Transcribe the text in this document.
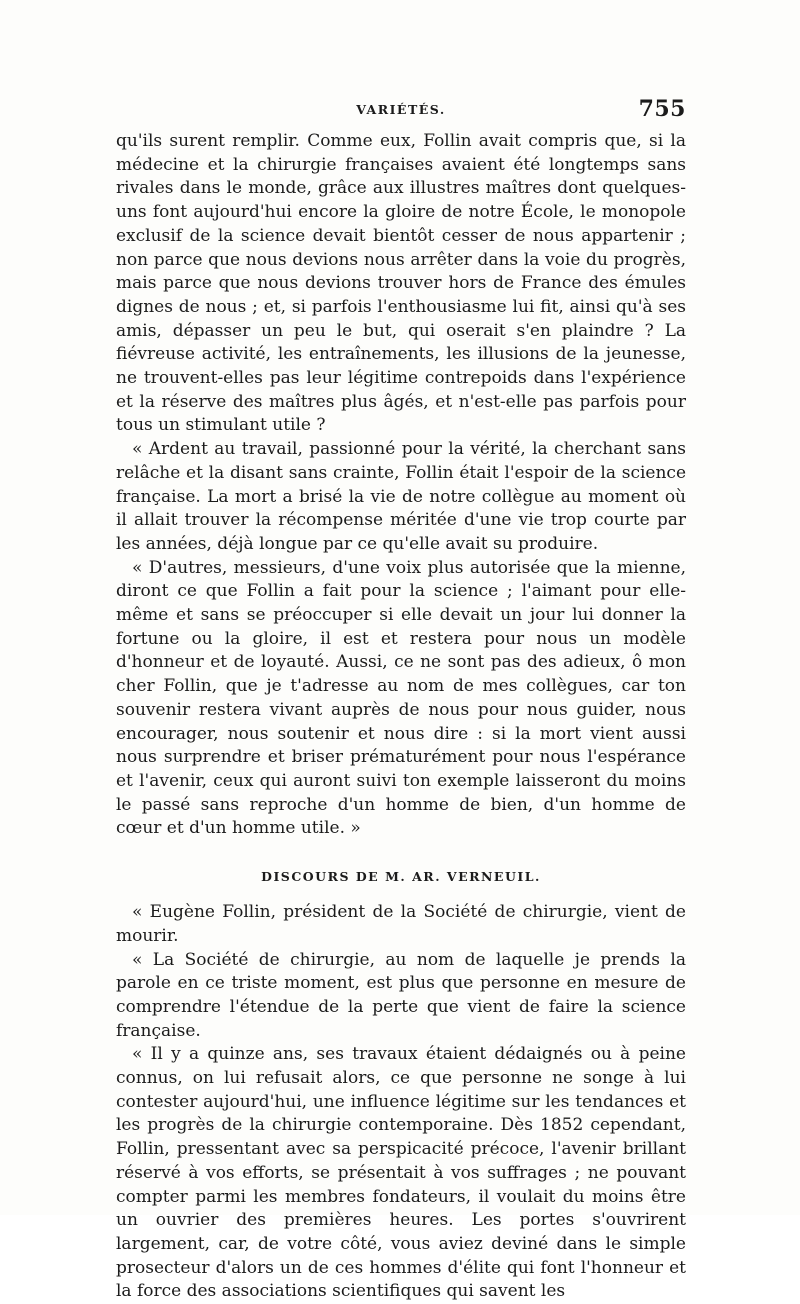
VARIÉTÉS.	755

qu'ils surent remplir. Comme eux, Follin avait compris que, si la médecine et la chirurgie françaises avaient été longtemps sans rivales dans le monde, grâce aux illustres maîtres dont quelques-uns font aujourd'hui encore la gloire de notre École, le monopole exclusif de la science devait bientôt cesser de nous appartenir ; non parce que nous devions nous arrêter dans la voie du progrès, mais parce que nous devions trouver hors de France des émules dignes de nous ; et, si parfois l'enthousiasme lui fit, ainsi qu'à ses amis, dépasser un peu le but, qui oserait s'en plaindre ? La fiévreuse activité, les entraînements, les illusions de la jeunesse, ne trouvent-elles pas leur légitime contrepoids dans l'expérience et la réserve des maîtres plus âgés, et n'est-elle pas parfois pour tous un stimulant utile ?

« Ardent au travail, passionné pour la vérité, la cherchant sans relâche et la disant sans crainte, Follin était l'espoir de la science française. La mort a brisé la vie de notre collègue au moment où il allait trouver la récompense méritée d'une vie trop courte par les années, déjà longue par ce qu'elle avait su produire.

« D'autres, messieurs, d'une voix plus autorisée que la mienne, diront ce que Follin a fait pour la science ; l'aimant pour elle-même et sans se préoccuper si elle devait un jour lui donner la fortune ou la gloire, il est et restera pour nous un modèle d'honneur et de loyauté. Aussi, ce ne sont pas des adieux, ô mon cher Follin, que je t'adresse au nom de mes collègues, car ton souvenir restera vivant auprès de nous pour nous guider, nous encourager, nous soutenir et nous dire : si la mort vient aussi nous surprendre et briser prématurément pour nous l'espérance et l'avenir, ceux qui auront suivi ton exemple laisseront du moins le passé sans reproche d'un homme de bien, d'un homme de cœur et d'un homme utile. »

DISCOURS DE M. AR. VERNEUIL.

« Eugène Follin, président de la Société de chirurgie, vient de mourir.

« La Société de chirurgie, au nom de laquelle je prends la parole en ce triste moment, est plus que personne en mesure de comprendre l'étendue de la perte que vient de faire la science française.

« Il y a quinze ans, ses travaux étaient dédaignés ou à peine connus, on lui refusait alors, ce que personne ne songe à lui contester aujourd'hui, une influence légitime sur les tendances et les progrès de la chirurgie contemporaine. Dès 1852 cependant, Follin, pressentant avec sa perspicacité précoce, l'avenir brillant réservé à vos efforts, se présentait à vos suffrages ; ne pouvant compter parmi les membres fondateurs, il voulait du moins être un ouvrier des premières heures. Les portes s'ouvrirent largement, car, de votre côté, vous aviez deviné dans le simple prosecteur d'alors un de ces hommes d'élite qui font l'honneur et la force des associations scientifiques qui savent les
